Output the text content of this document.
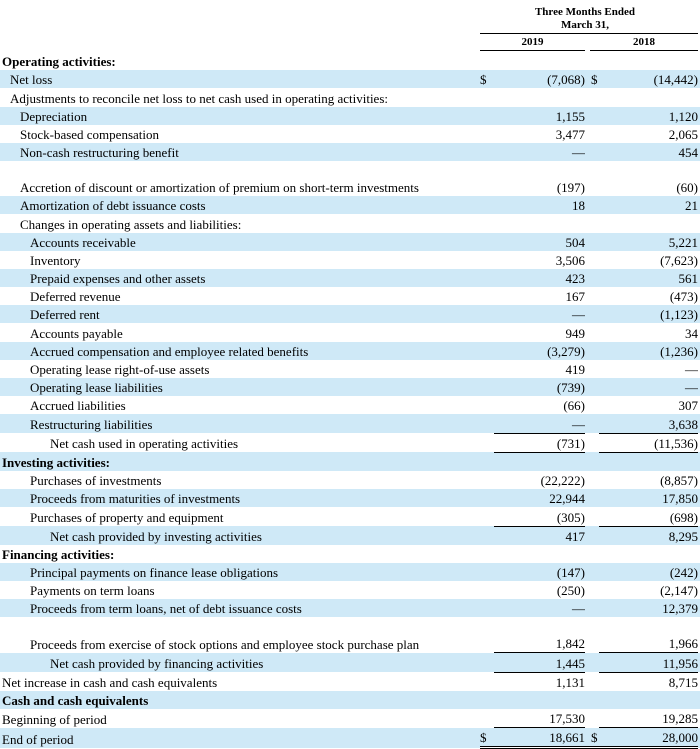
Three Months Ended
March 31,
2019	2018
Operating activities:					
Net loss	$	(7,068)	$	(14,442)	
Adjustments to reconcile net loss to net cash used in operating activities:					
Depreciation		1,155		1,120	
Stock-based compensation		3,477		2,065	
Non-cash restructuring benefit		—		454	
Accretion of discount or amortization of premium on short-term investments		(197)		(60)	
Amortization of debt issuance costs		18		21	
Changes in operating assets and liabilities:					
Accounts receivable		504		5,221	
Inventory		3,506		(7,623)	
Prepaid expenses and other assets		423		561	
Deferred revenue		167		(473)	
Deferred rent		—		(1,123)	
Accounts payable		949		34	
Accrued compensation and employee related benefits		(3,279)		(1,236)	
Operating lease right-of-use assets		419		—	
Operating lease liabilities		(739)		—	
Accrued liabilities		(66)		307	
Restructuring liabilities		—		3,638	
Net cash used in operating activities		(731)		(11,536)	
Investing activities:					
Purchases of investments		(22,222)		(8,857)	
Proceeds from maturities of investments		22,944		17,850	
Purchases of property and equipment		(305)		(698)	
Net cash provided by investing activities		417		8,295	
Financing activities:					
Principal payments on finance lease obligations		(147)		(242)	
Payments on term loans		(250)		(2,147)	
Proceeds from term loans, net of debt issuance costs		—		12,379	
Proceeds from exercise of stock options and employee stock purchase plan		1,842		1,966	
Net cash provided by financing activities		1,445		11,956	
Net increase in cash and cash equivalents		1,131		8,715	
Cash and cash equivalents					
Beginning of period		17,530		19,285	
End of period	$	18,661	$	28,000	
